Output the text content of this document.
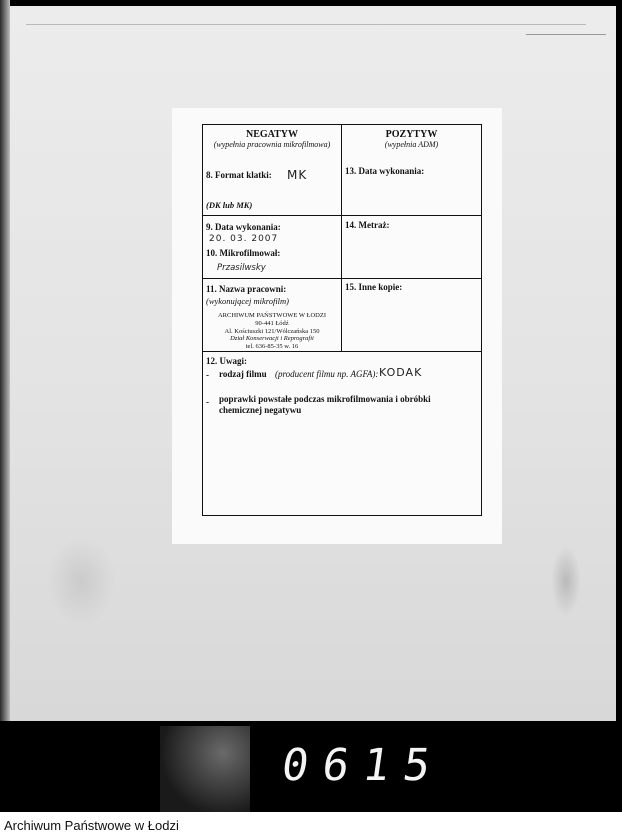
NEGATYW
(wypełnia pracownia mikrofilmowa)
POZYTYW
(wypełnia ADM)
8. Format klatki: MK
(DK lub MK)
13. Data wykonania:
9. Data wykonania:
20. 03. 2007
10. Mikrofilmował:
Przasilwsky
14. Metraż:
11. Nazwa pracowni:
(wykonującej mikrofilm)
ARCHIWUM PAŃSTWOWE W ŁODZI
90-441 Łódź
Al. Kościuszki 121/Wólczańska 150
Dział Konserwacji i Reprografii
tel. 636-85-35 w. 16
15. Inne kopie:
12. Uwagi:
- rodzaj filmu (producent filmu np. AGFA): KODAK
- poprawki powstałe podczas mikrofilmowania i obróbki
chemicznej negatywu
0615
Archiwum Państwowe w Łodzi
